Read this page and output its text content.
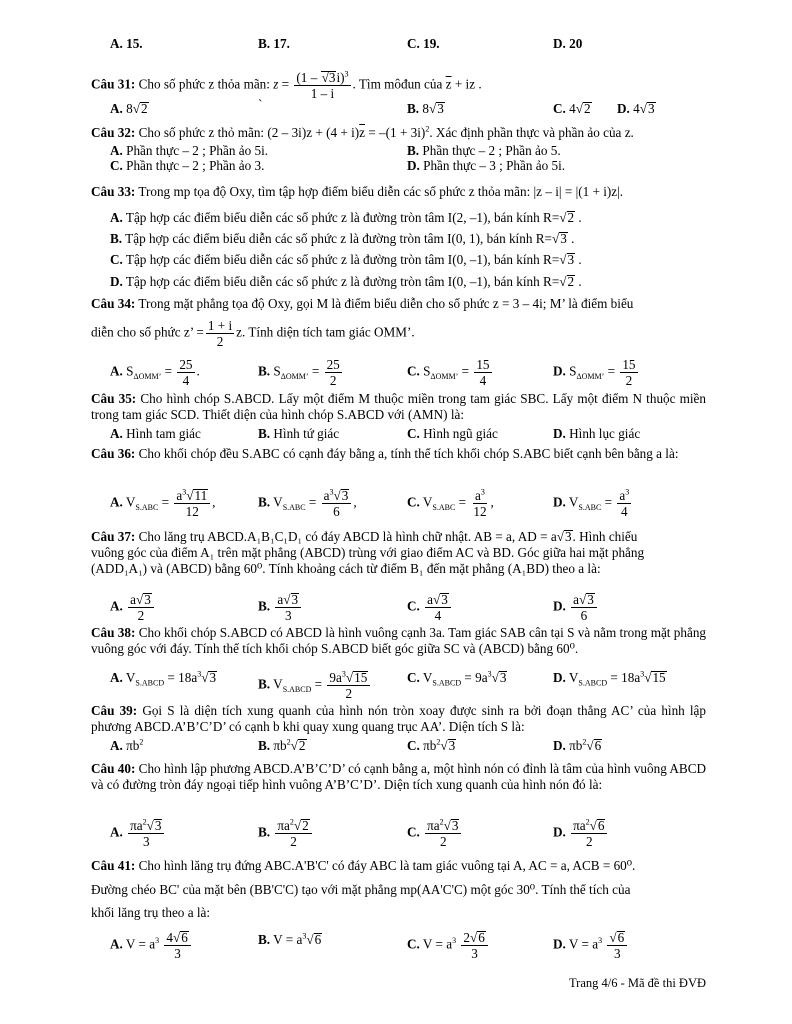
A. 15.	B. 17.	C. 19.	D. 20
Câu 31: Cho số phức z thỏa mãn: $z = \frac{(1 - √ 3i)^3}{1 - i}$ . Tìm môđun của $\overline{z}$ + iz .
A. 8 √ 2	`	B. 8 √ 3	C. 4 √ 2 D. 4 √ 3
Câu 32: Cho số phức z thỏ mãn: $(2 - 3i)z + (4 + i)\overline{z} = -(1 + 3i)^2$. Xác định phần thực và phần ảo của z.
A. Phần thực – 2 ; Phần ảo 5i.	B. Phần thực – 2 ; Phần ảo 5.
C. Phần thực – 2 ; Phần ảo 3.	D. Phần thực – 3 ; Phần ảo 5i.
Câu 33: Trong mp tọa độ Oxy, tìm tập hợp điểm biểu diễn các số phức z thỏa mãn: |z – i| = |(1 + i)z|.
A. Tập hợp các điểm biểu diễn các số phức z là đường tròn tâm I(2, –1), bán kính R= √ 2 .
B. Tập hợp các điểm biểu diễn các số phức z là đường tròn tâm I(0, 1), bán kính R= √ 3 .
C. Tập hợp các điểm biểu diễn các số phức z là đường tròn tâm I(0, –1), bán kính R= √ 3 .
D. Tập hợp các điểm biểu diễn các số phức z là đường tròn tâm I(0, –1), bán kính R= √ 2 .
Câu 34: Trong mặt phẳng tọa độ Oxy, gọi M là điểm biểu diễn cho số phức z = 3 – 4i; M’ là điểm biểu
diễn cho số phức z’ = $\frac{1 + i}{2} z$. Tính diện tích tam giác OMM’.
A. $S_{\Delta OMM’} = \frac{25}{4}$ .	B. $S_{\Delta OMM’} = \frac{25}{2}$	C. $S_{\Delta OMM’} = \frac{15}{4}$	D. $S_{\Delta OMM’} = \frac{15}{2}$
Câu 35: Cho hình chóp S.ABCD. Lấy một điểm M thuộc miền trong tam giác SBC. Lấy một điểm N thuộc miền trong tam giác SCD. Thiết diện của hình chóp S.ABCD với (AMN) là:
A. Hình tam giác	B. Hình tứ giác	C. Hình ngũ giác	D. Hình lục giác
Câu 36: Cho khối chóp đều S.ABC có cạnh đáy bằng a, tính thể tích khối chóp S.ABC biết cạnh bên bằng a là:
A. $V_{S.ABC} = \frac{a^3 √ 11}{12}$ ,	B. $V_{S.ABC} = \frac{a^3 √ 3}{6}$ ,	C. $V_{S.ABC} = \frac{a^3}{12}$ ,	D. $V_{S.ABC} = \frac{a^3}{4}$
Câu 37: Cho lăng trụ ABCD.A₁B₁C₁D₁ có đáy ABCD là hình chữ nhật. AB = a, AD = a √ 3. Hình chiếu
vuông góc của điểm A₁ trên mặt phẳng (ABCD) trùng với giao điểm AC và BD. Góc giữa hai mặt phẳng
(ADD₁A₁) và (ABCD) bằng 60⁰. Tính khoảng cách từ điểm B₁ đến mặt phẳng (A₁BD) theo a là:
A. $\frac{a √ 3}{2}$	B. $\frac{a √ 3}{3}$	C. $\frac{a √ 3}{4}$	D. $\frac{a √ 3}{6}$
Câu 38: Cho khối chóp S.ABCD có ABCD là hình vuông cạnh 3a. Tam giác SAB cân tại S và nằm trong mặt phẳng vuông góc với đáy. Tính thể tích khối chóp S.ABCD biết góc giữa SC và (ABCD) bằng 60⁰.
A. $V_{S.ABCD} = 18a^3$ √ 3	B. $V_{S.ABCD} = \frac{9a^3 √ 15}{2}$	C. $V_{S.ABCD} = 9a^3$ √ 3	D. $V_{S.ABCD} = 18a^3$ √ 15
Câu 39: Gọi S là diện tích xung quanh của hình nón tròn xoay được sinh ra bởi đoạn thẳng AC’ của hình lập phương ABCD.A’B’C’D’ có cạnh b khi quay xung quang trục AA’. Diện tích S là:
A. $\pi b^2$	B. $\pi b^2$ √ 2	C. $\pi b^2$ √ 3	D. $\pi b^2$ √ 6
Câu 40: Cho hình lập phương ABCD.A’B’C’D’ có cạnh bằng a, một hình nón có đỉnh là tâm của hình vuông ABCD và có đường tròn đáy ngoại tiếp hình vuông A’B’C’D’. Diện tích xung quanh của hình nón đó là:
A. $\frac{\pi a^2 √ 3}{3}$	B. $\frac{\pi a^2 √ 2}{2}$	C. $\frac{\pi a^2 √ 3}{2}$	D. $\frac{\pi a^2 √ 6}{2}$
Câu 41: Cho hình lăng trụ đứng ABC.A'B'C' có đáy ABC là tam giác vuông tại A, AC = a, ACB = 60⁰.
Đường chéo BC' của mặt bên (BB'C'C) tạo với mặt phẳng mp(AA'C'C) một góc 30⁰. Tính thể tích của
khối lăng trụ theo a là:
A. $V = a^3 \frac{4 √ 6}{3}$	B. $V = a^3$ √ 6	C. $V = a^3 \frac{2 √ 6}{3}$	D. $V = a^3$ √ $\frac{6}{3}$
Trang 4/6 - Mã đề thi ĐVĐ
